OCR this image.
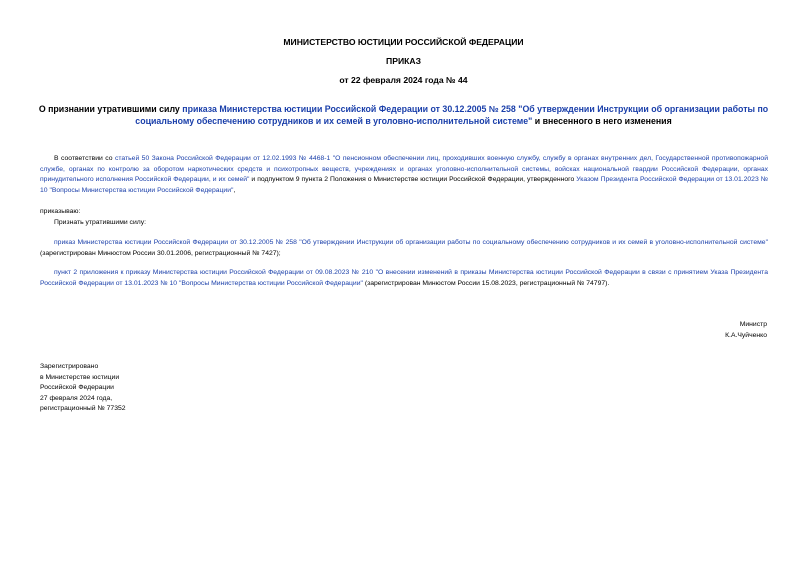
МИНИСТЕРСТВО ЮСТИЦИИ РОССИЙСКОЙ ФЕДЕРАЦИИ
ПРИКАЗ
от 22 февраля 2024 года № 44
О признании утратившими силу приказа Министерства юстиции Российской Федерации от 30.12.2005 № 258 "Об утверждении Инструкции об организации работы по социальному обеспечению сотрудников и их семей в уголовно-исполнительной системе" и внесенного в него изменения
В соответствии со статьей 50 Закона Российской Федерации от 12.02.1993 № 4468-1 "О пенсионном обеспечении лиц, проходивших военную службу, службу в органах внутренних дел, Государственной противопожарной службе, органах по контролю за оборотом наркотических средств и психотропных веществ, учреждениях и органах уголовно-исполнительной системы, войсках национальной гвардии Российской Федерации, органах принудительного исполнения Российской Федерации, и их семей" и подпунктом 9 пункта 2 Положения о Министерстве юстиции Российской Федерации, утвержденного Указом Президента Российской Федерации от 13.01.2023 № 10 "Вопросы Министерства юстиции Российской Федерации",
приказываю:
Признать утратившими силу:
приказ Министерства юстиции Российской Федерации от 30.12.2005 № 258 "Об утверждении Инструкции об организации работы по социальному обеспечению сотрудников и их семей в уголовно-исполнительной системе" (зарегистрирован Минюстом России 30.01.2006, регистрационный № 7427);
пункт 2 приложения к приказу Министерства юстиции Российской Федерации от 09.08.2023 № 210 "О внесении изменений в приказы Министерства юстиции Российской Федерации в связи с принятием Указа Президента Российской Федерации от 13.01.2023 № 10 "Вопросы Министерства юстиции Российской Федерации" (зарегистрирован Минюстом России 15.08.2023, регистрационный № 74797).
Министр
К.А.Чуйченко
Зарегистрировано
в Министерстве юстиции
Российской Федерации
27 февраля 2024 года,
регистрационный № 77352
